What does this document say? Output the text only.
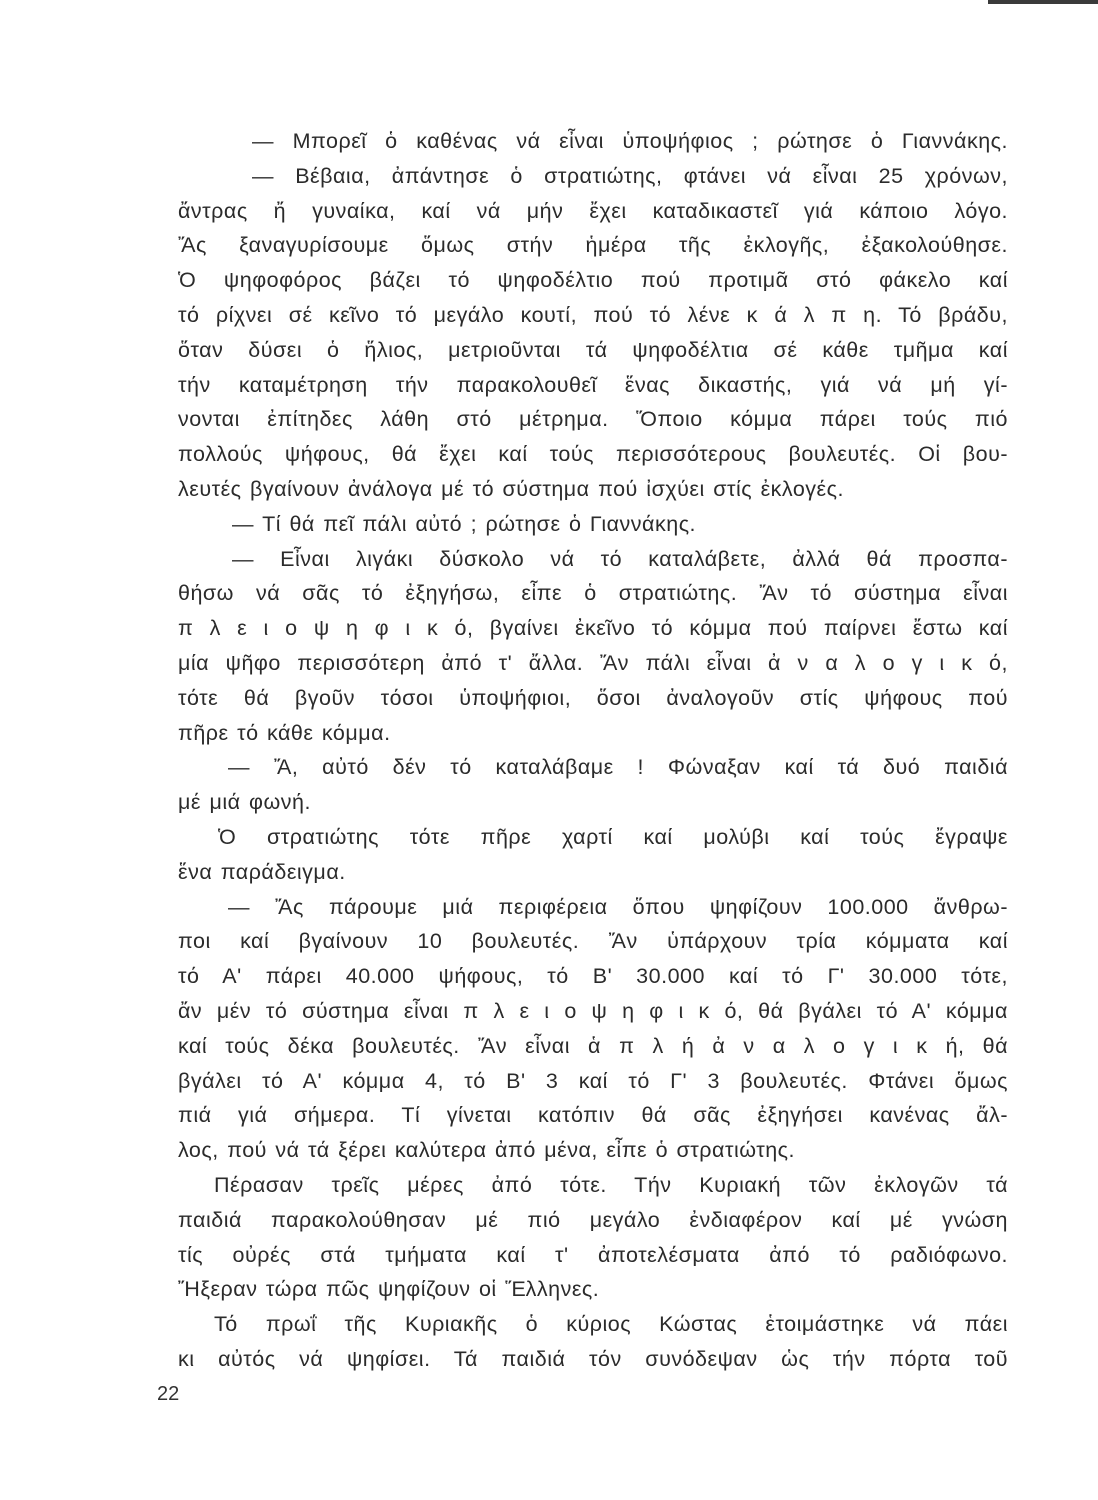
— Μπορεῖ ὁ καθένας νά εἶναι ὑποψήφιος ; ρώτησε ὁ Γιαννάκης.
— Βέβαια, ἀπάντησε ὁ στρατιώτης, φτάνει νά εἶναι 25 χρόνων,
ἄντρας ἤ γυναίκα, καί νά μήν ἔχει καταδικαστεῖ γιά κάποιο λόγο.
Ἄς ξαναγυρίσουμε ὅμως στήν ἡμέρα τῆς ἐκλογῆς, ἐξακολούθησε.
Ὁ ψηφοφόρος βάζει τό ψηφοδέλτιο πού προτιμᾶ στό φάκελο καί
τό ρίχνει σέ κεῖνο τό μεγάλο κουτί, πού τό λένε κ ά λ π η. Τό βράδυ,
ὅταν δύσει ὁ ἥλιος, μετριοῦνται τά ψηφοδέλτια σέ κάθε τμῆμα καί
τήν καταμέτρηση τήν παρακολουθεῖ ἕνας δικαστής, γιά νά μή γί-
νονται ἐπίτηδες λάθη στό μέτρημα. Ὅποιο κόμμα πάρει τούς πιό
πολλούς ψήφους, θά ἔχει καί τούς περισσότερους βουλευτές. Οἱ βου-
λευτές βγαίνουν ἀνάλογα μέ τό σύστημα πού ἰσχύει στίς ἐκλογές.
— Τί θά πεῖ πάλι αὐτό ; ρώτησε ὁ Γιαννάκης.
— Εἶναι λιγάκι δύσκολο νά τό καταλάβετε, ἀλλά θά προσπα-
θήσω νά σᾶς τό ἐξηγήσω, εἶπε ὁ στρατιώτης. Ἄν τό σύστημα εἶναι
π λ ε ι ο ψ η φ ι κ ό, βγαίνει ἐκεῖνο τό κόμμα πού παίρνει ἔστω καί
μία ψῆφο περισσότερη ἀπό τ' ἄλλα. Ἄν πάλι εἶναι ἀ ν α λ ο γ ι κ ό,
τότε θά βγοῦν τόσοι ὑποψήφιοι, ὅσοι ἀναλογοῦν στίς ψήφους πού
πῆρε τό κάθε κόμμα.
— Ἄ, αὐτό δέν τό καταλάβαμε ! Φώναξαν καί τά δυό παιδιά
μέ μιά φωνή.
Ὁ στρατιώτης τότε πῆρε χαρτί καί μολύβι καί τούς ἔγραψε
ἕνα παράδειγμα.
— Ἄς πάρουμε μιά περιφέρεια ὅπου ψηφίζουν 100.000 ἄνθρω-
ποι καί βγαίνουν 10 βουλευτές. Ἄν ὑπάρχουν τρία κόμματα καί
τό Α' πάρει 40.000 ψήφους, τό Β' 30.000 καί τό Γ' 30.000 τότε,
ἄν μέν τό σύστημα εἶναι π λ ε ι ο ψ η φ ι κ ό, θά βγάλει τό Α' κόμμα
καί τούς δέκα βουλευτές. Ἄν εἶναι ἁ π λ ή ἀ ν α λ ο γ ι κ ή, θά
βγάλει τό Α' κόμμα 4, τό Β' 3 καί τό Γ' 3 βουλευτές. Φτάνει ὅμως
πιά γιά σήμερα. Τί γίνεται κατόπιν θά σᾶς ἐξηγήσει κανένας ἄλ-
λος, πού νά τά ξέρει καλύτερα ἀπό μένα, εἶπε ὁ στρατιώτης.
Πέρασαν τρεῖς μέρες ἀπό τότε. Τήν Κυριακή τῶν ἐκλογῶν τά
παιδιά παρακολούθησαν μέ πιό μεγάλο ἐνδιαφέρον καί μέ γνώση
τίς οὐρές στά τμήματα καί τ' ἀποτελέσματα ἀπό τό ραδιόφωνο.
Ἤξεραν τώρα πῶς ψηφίζουν οἱ Ἕλληνες.
Τό πρωΐ τῆς Κυριακῆς ὁ κύριος Κώστας ἑτοιμάστηκε νά πάει
κι αὐτός νά ψηφίσει. Τά παιδιά τόν συνόδεψαν ὡς τήν πόρτα τοῦ
22
